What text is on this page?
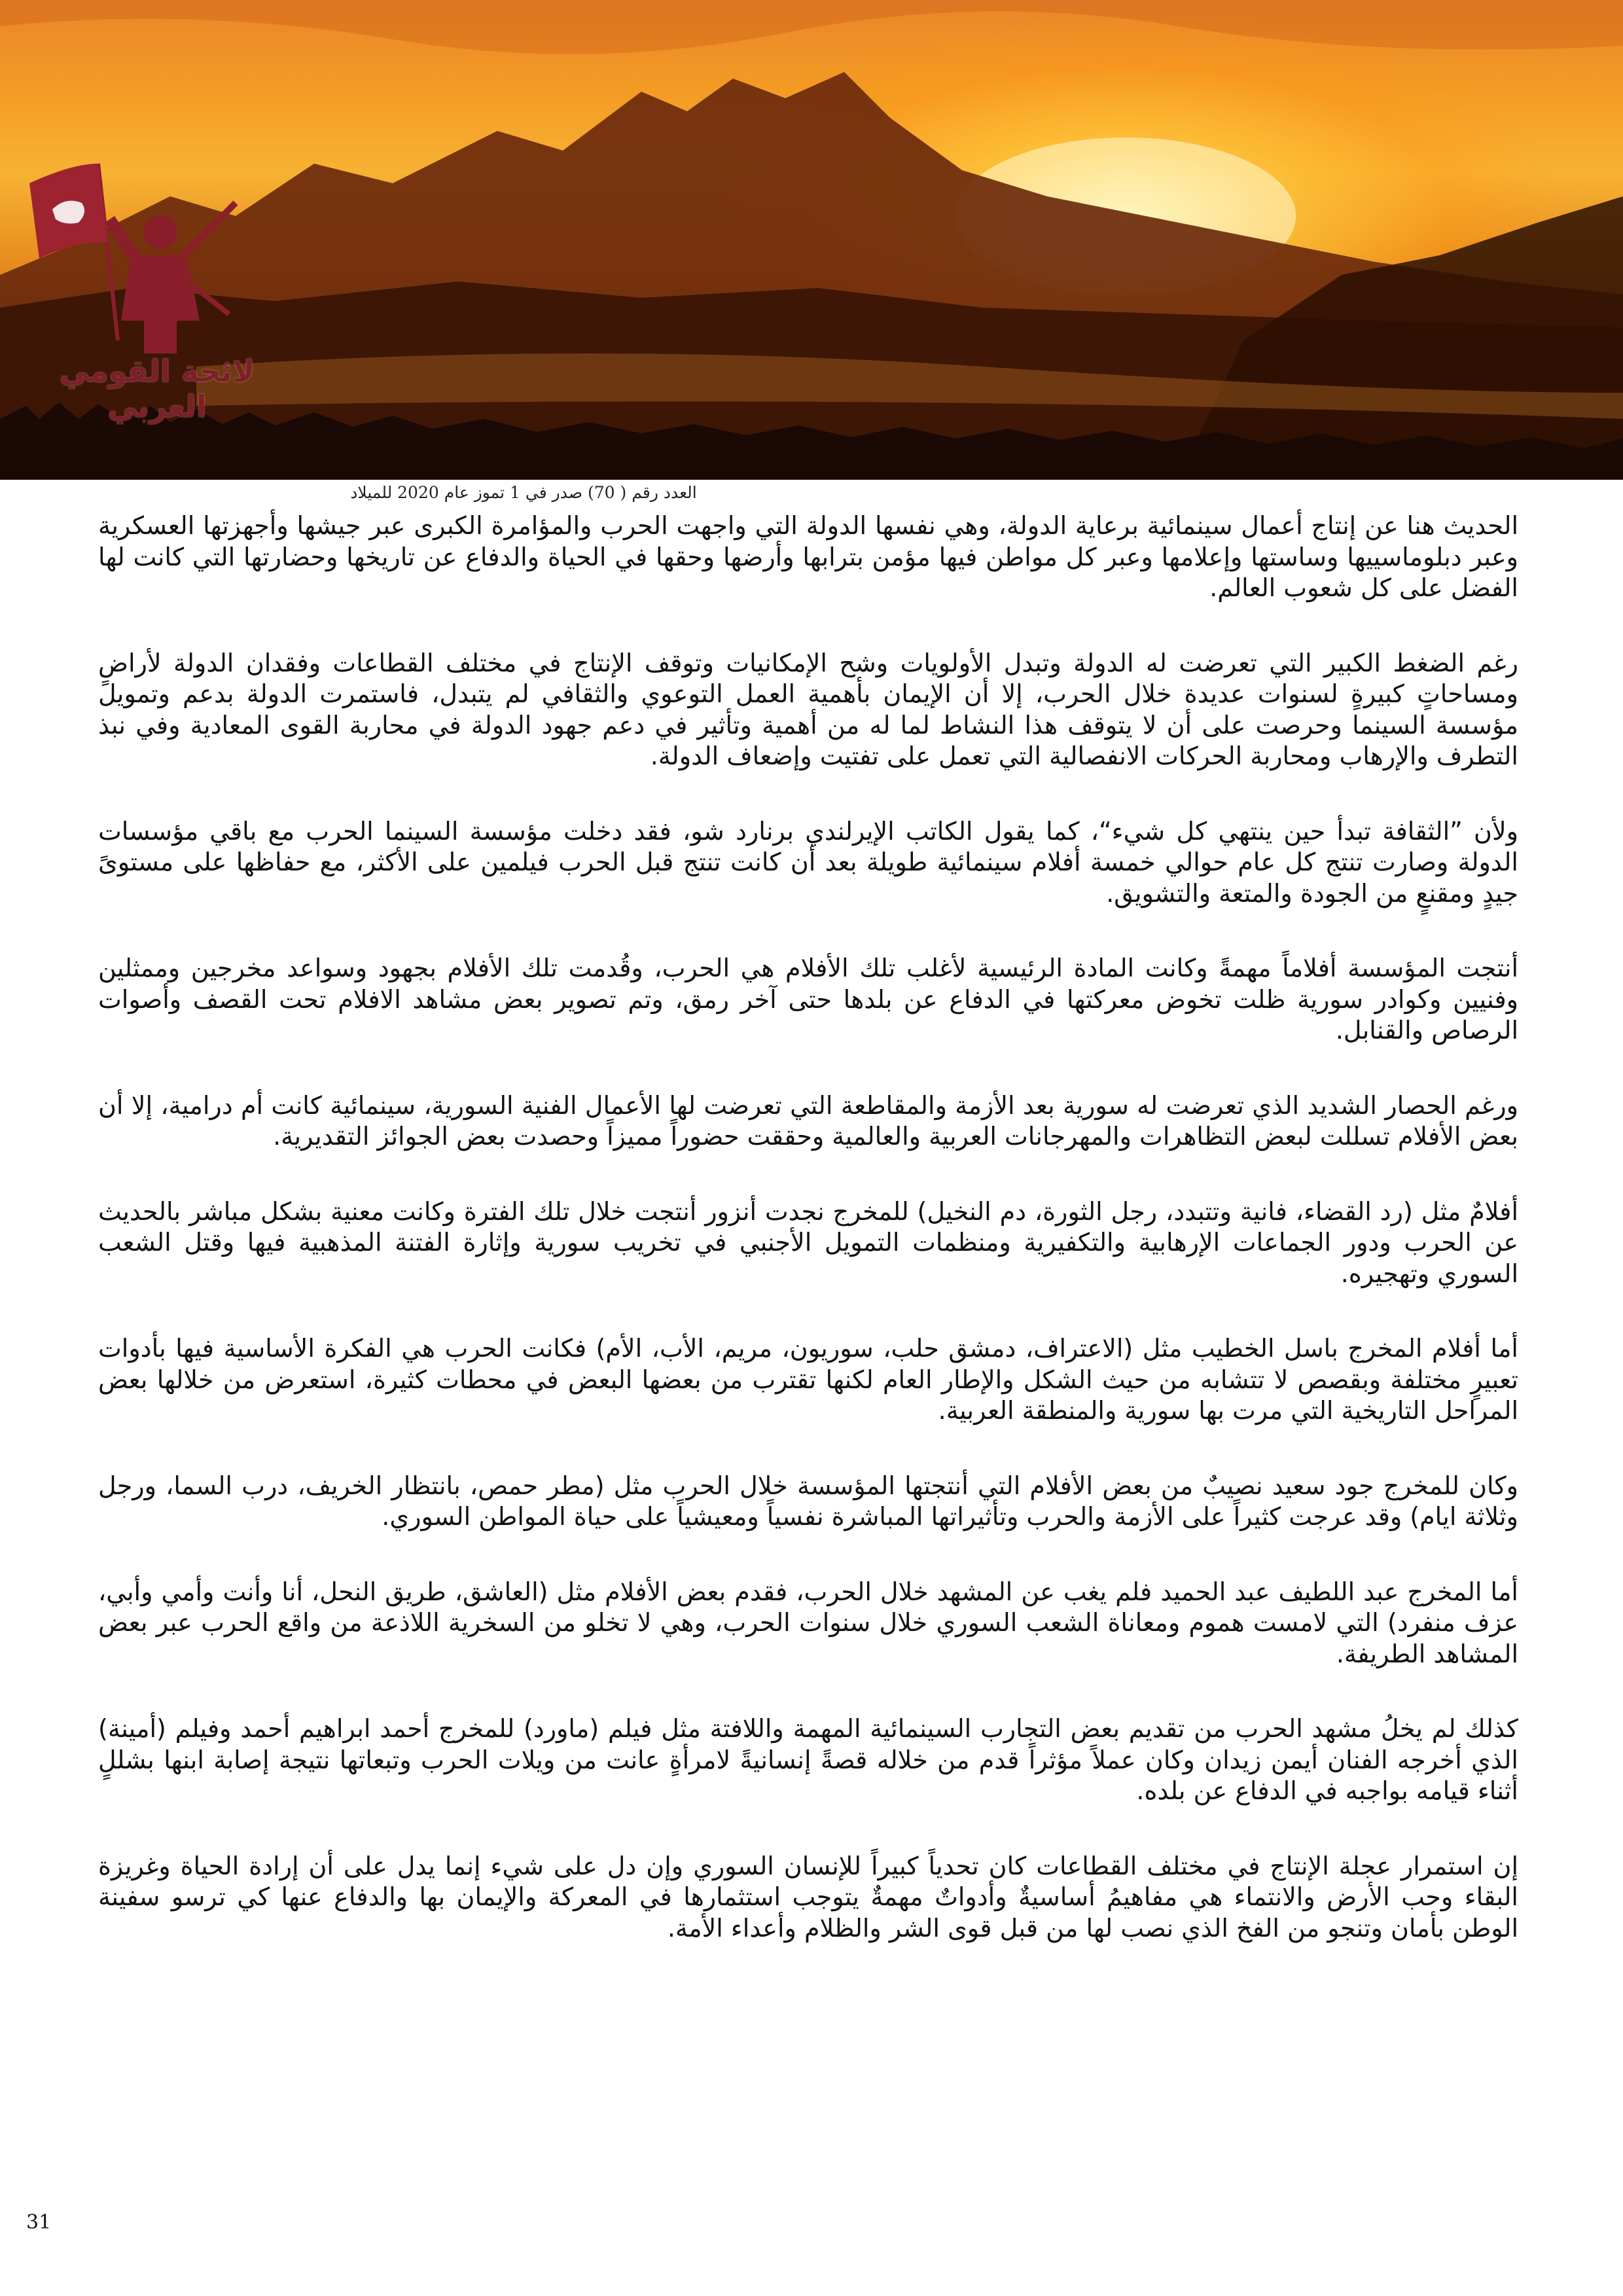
لائحة القومي العربي
العدد رقم ( 70) صدر في 1 تموز عام 2020 للميلاد

الحديث هنا عن إنتاج أعمال سينمائية برعاية الدولة، وهي نفسها الدولة التي واجهت الحرب والمؤامرة الكبرى عبر جيشها وأجهزتها العسكرية وعبر دبلوماسييها وساستها وإعلامها وعبر كل مواطن فيها مؤمن بترابها وأرضها وحقها في الحياة والدفاع عن تاريخها وحضارتها التي كانت لها الفضل على كل شعوب العالم.

رغم الضغط الكبير التي تعرضت له الدولة وتبدل الأولويات وشح الإمكانيات وتوقف الإنتاج في مختلف القطاعات وفقدان الدولة لأراضٍ ومساحاتٍ كبيرةٍ لسنوات عديدة خلال الحرب، إلا أن الإيمان بأهمية العمل التوعوي والثقافي لم يتبدل، فاستمرت الدولة بدعم وتمويل مؤسسة السينما وحرصت على أن لا يتوقف هذا النشاط لما له من أهمية وتأثير في دعم جهود الدولة في محاربة القوى المعادية وفي نبذ التطرف والإرهاب ومحاربة الحركات الانفصالية التي تعمل على تفتيت وإضعاف الدولة.

ولأن ”الثقافة تبدأ حين ينتهي كل شيء“، كما يقول الكاتب الإيرلندي برنارد شو، فقد دخلت مؤسسة السينما الحرب مع باقي مؤسسات الدولة وصارت تنتج كل عام حوالي خمسة أفلام سينمائية طويلة بعد أن كانت تنتج قبل الحرب فيلمين على الأكثر، مع حفاظها على مستوىً جيدٍ ومقنعٍ من الجودة والمتعة والتشويق.

أنتجت المؤسسة أفلاماً مهمةً وكانت المادة الرئيسية لأغلب تلك الأفلام هي الحرب، وقُدمت تلك الأفلام بجهود وسواعد مخرجين وممثلين وفنيين وكوادر سورية ظلت تخوض معركتها في الدفاع عن بلدها حتى آخر رمق، وتم تصوير بعض مشاهد الافلام تحت القصف وأصوات الرصاص والقنابل.

ورغم الحصار الشديد الذي تعرضت له سورية بعد الأزمة والمقاطعة التي تعرضت لها الأعمال الفنية السورية، سينمائية كانت أم درامية، إلا أن بعض الأفلام تسللت لبعض التظاهرات والمهرجانات العربية والعالمية وحققت حضوراً مميزاً وحصدت بعض الجوائز التقديرية.

أفلامٌ مثل (رد القضاء، فانية وتتبدد، رجل الثورة، دم النخيل) للمخرج نجدت أنزور أنتجت خلال تلك الفترة وكانت معنية بشكل مباشر بالحديث عن الحرب ودور الجماعات الإرهابية والتكفيرية ومنظمات التمويل الأجنبي في تخريب سورية وإثارة الفتنة المذهبية فيها وقتل الشعب السوري وتهجيره.

أما أفلام المخرج باسل الخطيب مثل (الاعتراف، دمشق حلب، سوريون، مريم، الأب، الأم) فكانت الحرب هي الفكرة الأساسية فيها بأدوات تعبيرٍ مختلفة وبقصص لا تتشابه من حيث الشكل والإطار العام لكنها تقترب من بعضها البعض في محطات كثيرة، استعرض من خلالها بعض المراحل التاريخية التي مرت بها سورية والمنطقة العربية.

وكان للمخرج جود سعيد نصيبٌ من بعض الأفلام التي أنتجتها المؤسسة خلال الحرب مثل (مطر حمص، بانتظار الخريف، درب السما، ورجل وثلاثة ايام) وقد عرجت كثيراً على الأزمة والحرب وتأثيراتها المباشرة نفسياً ومعيشياً على حياة المواطن السوري.

أما المخرج عبد اللطيف عبد الحميد فلم يغب عن المشهد خلال الحرب، فقدم بعض الأفلام مثل (العاشق، طريق النحل، أنا وأنت وأمي وأبي، عزف منفرد) التي لامست هموم ومعاناة الشعب السوري خلال سنوات الحرب، وهي لا تخلو من السخرية اللاذعة من واقع الحرب عبر بعض المشاهد الطريفة.

كذلك لم يخلُ مشهد الحرب من تقديم بعض التجارب السينمائية المهمة واللافتة مثل فيلم (ماورد) للمخرج أحمد ابراهيم أحمد وفيلم (أمينة) الذي أخرجه الفنان أيمن زيدان وكان عملاً مؤثراً قدم من خلاله قصةً إنسانيةً لامرأةٍ عانت من ويلات الحرب وتبعاتها نتيجة إصابة ابنها بشللٍ أثناء قيامه بواجبه في الدفاع عن بلده.

إن استمرار عجلة الإنتاج في مختلف القطاعات كان تحدياً كبيراً للإنسان السوري وإن دل على شيء إنما يدل على أن إرادة الحياة وغريزة البقاء وحب الأرض والانتماء هي مفاهيمُ أساسيةٌ وأدواتٌ مهمةٌ يتوجب استثمارها في المعركة والإيمان بها والدفاع عنها كي ترسو سفينة الوطن بأمان وتنجو من الفخ الذي نصب لها من قبل قوى الشر والظلام وأعداء الأمة.

31
